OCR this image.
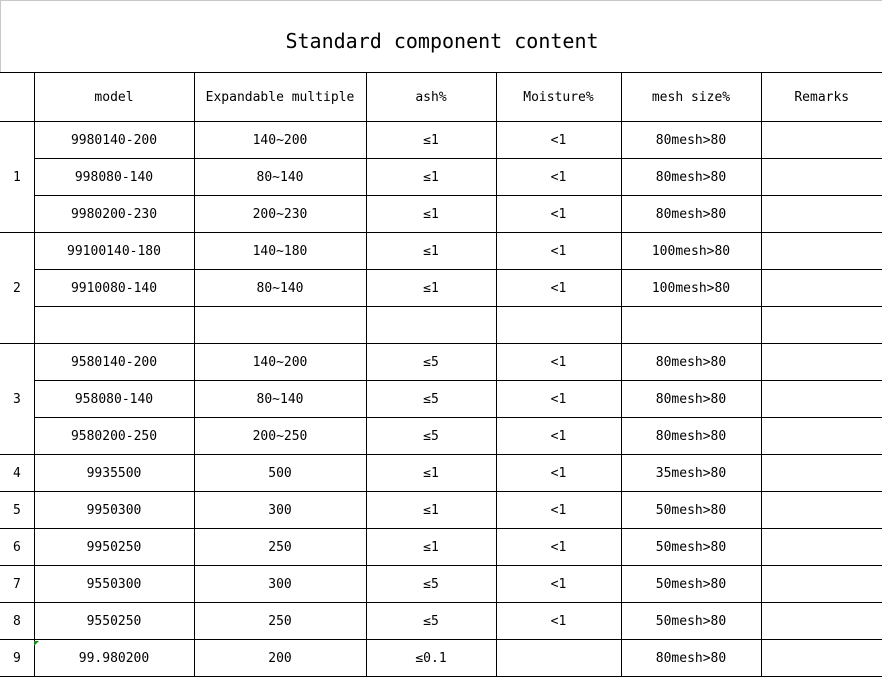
Standard component content
	model	Expandable multiple	ash%	Moisture%	mesh size%	Remarks
1	9980140-200	140~200	≤1	<1	80mesh>80	
	998080-140	80~140	≤1	<1	80mesh>80	
	9980200-230	200~230	≤1	<1	80mesh>80	
2	99100140-180	140~180	≤1	<1	100mesh>80	
	9910080-140	80~140	≤1	<1	100mesh>80	

3	9580140-200	140~200	≤5	<1	80mesh>80	
	958080-140	80~140	≤5	<1	80mesh>80	
	9580200-250	200~250	≤5	<1	80mesh>80	
4	9935500	500	≤1	<1	35mesh>80	
5	9950300	300	≤1	<1	50mesh>80	
6	9950250	250	≤1	<1	50mesh>80	
7	9550300	300	≤5	<1	50mesh>80	
8	9550250	250	≤5	<1	50mesh>80	
9	99.980200	200	≤0.1		80mesh>80	
